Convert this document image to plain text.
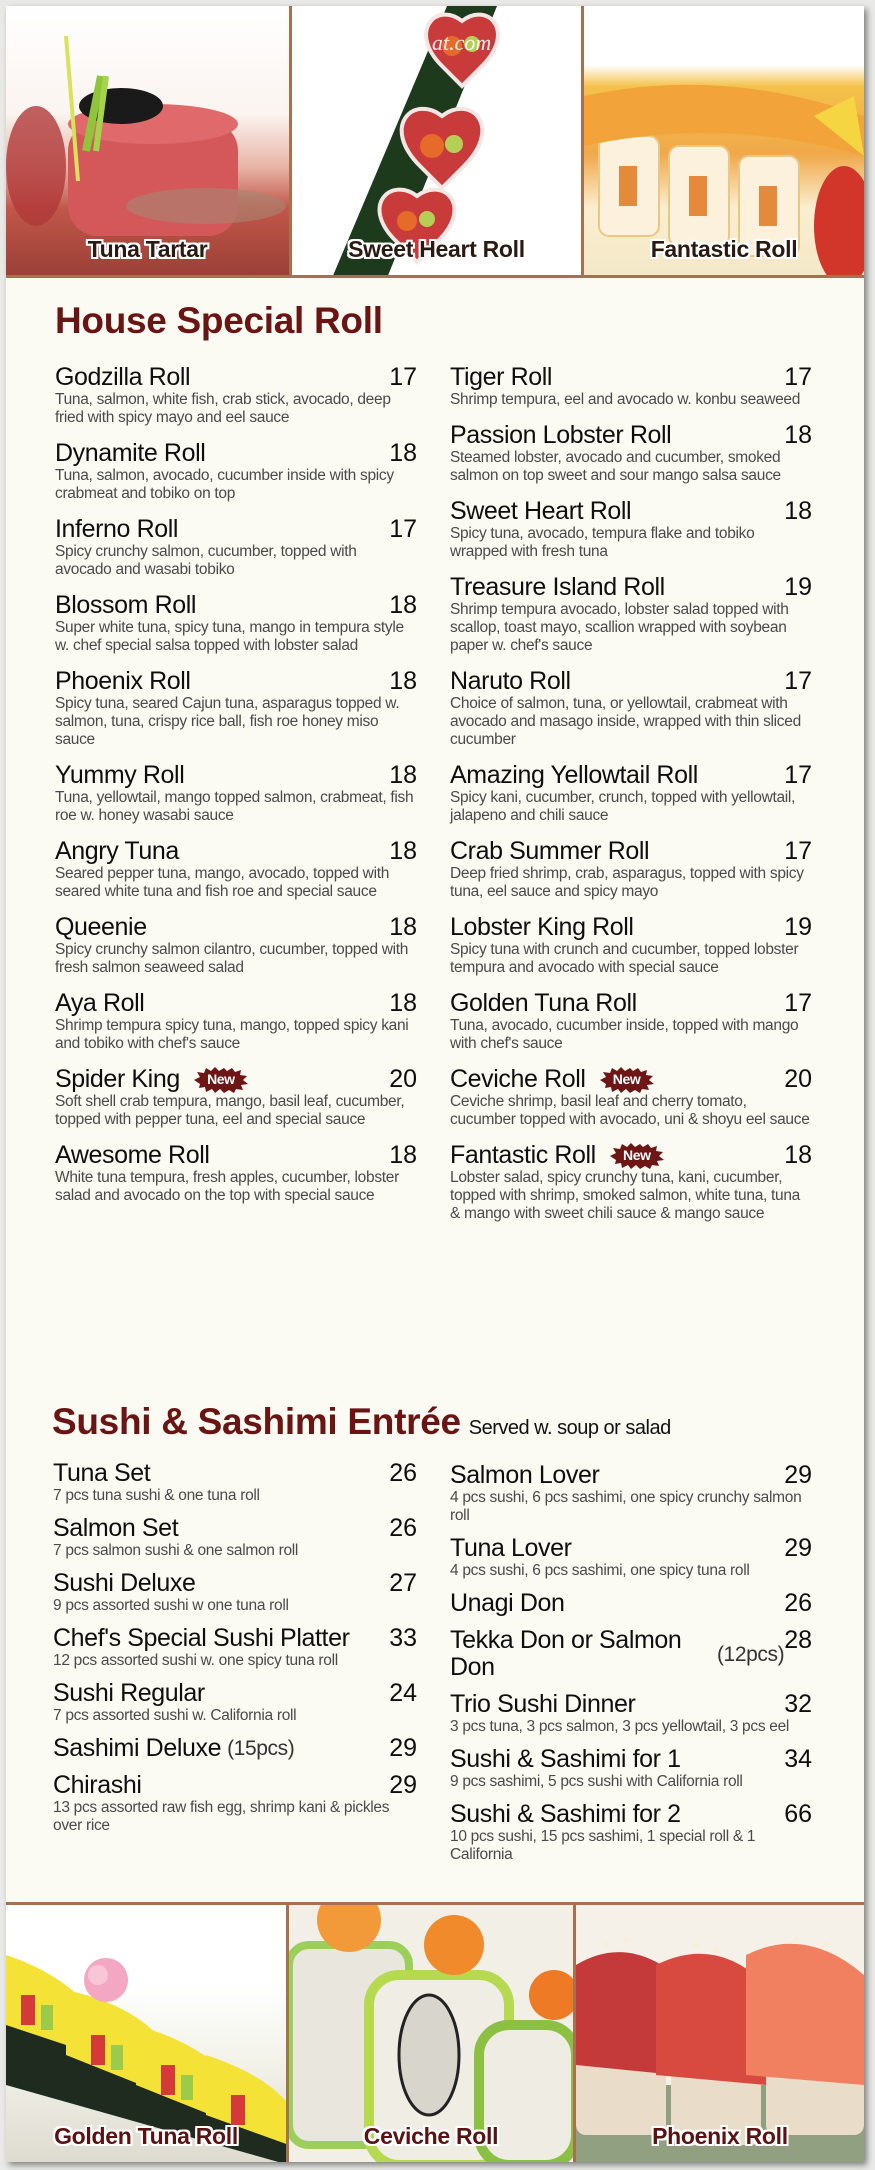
Tuna Tartar
at.com / I
Sweet Heart Roll	Fantastic Roll
House Special Roll
Godzilla Roll	17
Tuna, salmon, white fish, crab stick, avocado, deep fried with spicy mayo and eel sauce
Dynamite Roll	18
Tuna, salmon, avocado, cucumber inside with spicy crabmeat and tobiko on top
Inferno Roll	17
Spicy crunchy salmon, cucumber, topped with avocado and wasabi tobiko
Blossom Roll	18
Super white tuna, spicy tuna, mango in tempura style w. chef special salsa topped with lobster salad
Phoenix Roll	18
Spicy tuna, seared Cajun tuna, asparagus topped w. salmon, tuna, crispy rice ball, fish roe honey miso sauce
Yummy Roll	18
Tuna, yellowtail, mango topped salmon, crabmeat, fish roe w. honey wasabi sauce
Angry Tuna	18
Seared pepper tuna, mango, avocado, topped with seared white tuna and fish roe and special sauce
Queenie	18
Spicy crunchy salmon cilantro, cucumber, topped with fresh salmon seaweed salad
Aya Roll	18
Shrimp tempura spicy tuna, mango, topped spicy kani and tobiko with chef's sauce
Spider King New	20
Soft shell crab tempura, mango, basil leaf, cucumber, topped with pepper tuna, eel and special sauce
Awesome Roll	18
White tuna tempura, fresh apples, cucumber, lobster salad and avocado on the top with special sauce
Tiger Roll	17
Shrimp tempura, eel and avocado w. konbu seaweed
Passion Lobster Roll	18
Steamed lobster, avocado and cucumber, smoked salmon on top sweet and sour mango salsa sauce
Sweet Heart Roll	18
Spicy tuna, avocado, tempura flake and tobiko wrapped with fresh tuna
Treasure Island Roll	19
Shrimp tempura avocado, lobster salad topped with scallop, toast mayo, scallion wrapped with soybean paper w. chef's sauce
Naruto Roll	17
Choice of salmon, tuna, or yellowtail, crabmeat with avocado and masago inside, wrapped with thin sliced cucumber
Amazing Yellowtail Roll	17
Spicy kani, cucumber, crunch, topped with yellowtail, jalapeno and chili sauce
Crab Summer Roll	17
Deep fried shrimp, crab, asparagus, topped with spicy tuna, eel sauce and spicy mayo
Lobster King Roll	19
Spicy tuna with crunch and cucumber, topped lobster tempura and avocado with special sauce
Golden Tuna Roll	17
Tuna, avocado, cucumber inside, topped with mango with chef's sauce
Ceviche Roll New	20
Ceviche shrimp, basil leaf and cherry tomato, cucumber topped with avocado, uni & shoyu eel sauce
Fantastic Roll New	18
Lobster salad, spicy crunchy tuna, kani, cucumber, topped with shrimp, smoked salmon, white tuna, tuna & mango with sweet chili sauce & mango sauce
Sushi & Sashimi Entrée Served w. soup or salad
Tuna Set	26
7 pcs tuna sushi & one tuna roll
Salmon Set	26
7 pcs salmon sushi & one salmon roll
Sushi Deluxe	27
9 pcs assorted sushi w one tuna roll
Chef's Special Sushi Platter 33
12 pcs assorted sushi w. one spicy tuna roll
Sushi Regular	24
7 pcs assorted sushi w. California roll
Sashimi Deluxe (15pcs)	29
Chirashi	29
13 pcs assorted raw fish egg, shrimp kani & pickles over rice
Salmon Lover	29
4 pcs sushi, 6 pcs sashimi, one spicy crunchy salmon roll
Tuna Lover	29
4 pcs sushi, 6 pcs sashimi, one spicy tuna roll
Unagi Don	26
Tekka Don or Salmon Don	(12pcs) 28
Trio Sushi Dinner	32
3 pcs tuna, 3 pcs salmon, 3 pcs yellowtail, 3 pcs eel
Sushi & Sashimi for 1	34
9 pcs sashimi, 5 pcs sushi with California roll
Sushi & Sashimi for 2	66
10 pcs sushi, 15 pcs sashimi, 1 special roll & 1 California
Golden Tuna Roll	Ceviche Roll	Phoenix Roll
